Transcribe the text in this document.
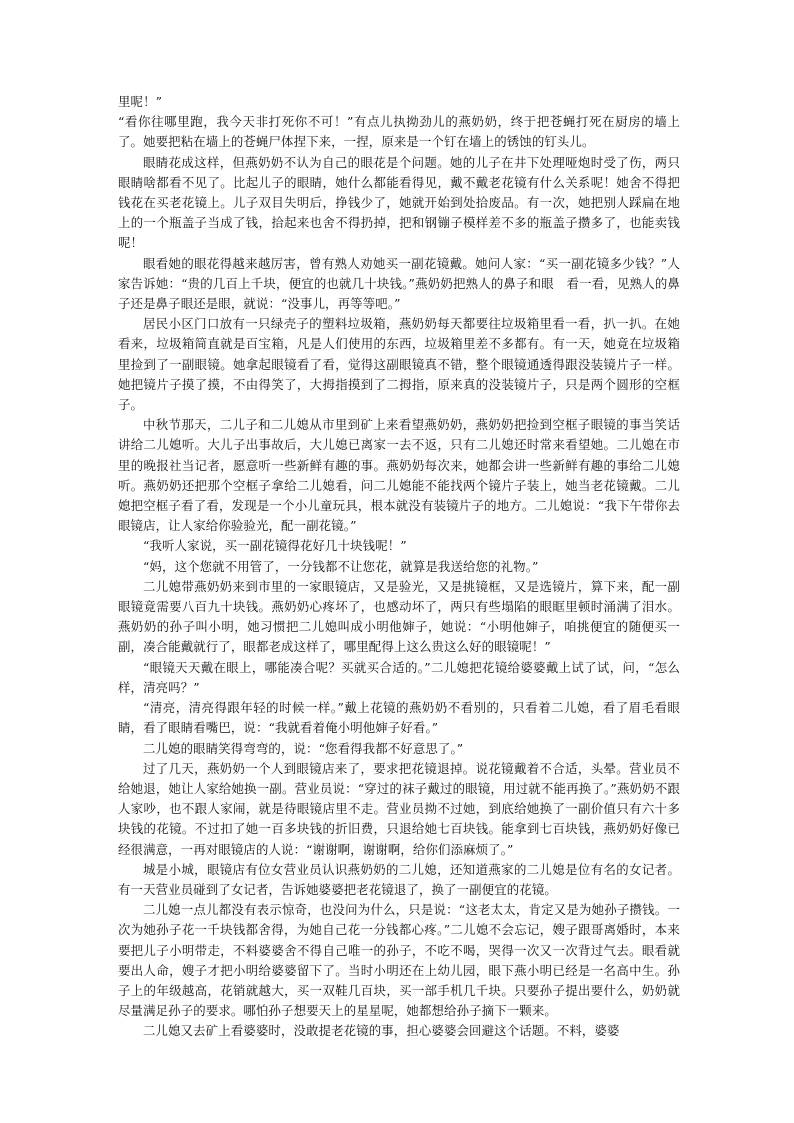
里呢！”

“看你往哪里跑，我今天非打死你不可！”有点儿执拗劲儿的燕奶奶，终于把苍蝇打死在厨房的墙上了。她要把粘在墙上的苍蝇尸体捏下来，一捏，原来是一个钉在墙上的锈蚀的钉头儿。

眼睛花成这样，但燕奶奶不认为自己的眼花是个问题。她的儿子在井下处理哑炮时受了伤，两只眼睛啥都看不见了。比起儿子的眼睛，她什么都能看得见，戴不戴老花镜有什么关系呢！她舍不得把钱花在买老花镜上。儿子双目失明后，挣钱少了，她就开始到处拾废品。有一次，她把别人踩扁在地上的一个瓶盖子当成了钱，拾起来也舍不得扔掉，把和钢镚子模样差不多的瓶盖子攒多了，也能卖钱呢！

眼看她的眼花得越来越厉害，曾有熟人劝她买一副花镜戴。她问人家：“买一副花镜多少钱？”人家告诉她：“贵的几百上千块，便宜的也就几十块钱。”燕奶奶把熟人的鼻子和眼　看一看，见熟人的鼻子还是鼻子眼还是眼，就说：“没事儿，再等等吧。”

居民小区门口放有一只绿壳子的塑料垃圾箱，燕奶奶每天都要往垃圾箱里看一看，扒一扒。在她看来，垃圾箱简直就是百宝箱，凡是人们使用的东西，垃圾箱里差不多都有。有一天，她竟在垃圾箱里捡到了一副眼镜。她拿起眼镜看了看，觉得这副眼镜真不错，整个眼镜通透得跟没装镜片子一样。她把镜片子摸了摸，不由得笑了，大拇指摸到了二拇指，原来真的没装镜片子，只是两个圆形的空框子。

中秋节那天，二儿子和二儿媳从市里到矿上来看望燕奶奶，燕奶奶把捡到空框子眼镜的事当笑话讲给二儿媳听。大儿子出事故后，大儿媳已离家一去不返，只有二儿媳还时常来看望她。二儿媳在市里的晚报社当记者，愿意听一些新鲜有趣的事。燕奶奶每次来，她都会讲一些新鲜有趣的事给二儿媳听。燕奶奶还把那个空框子拿给二儿媳看，问二儿媳能不能找两个镜片子装上，她当老花镜戴。二儿媳把空框子看了看，发现是一个小儿童玩具，根本就没有装镜片子的地方。二儿媳说：“我下午带你去眼镜店，让人家给你验验光，配一副花镜。”

“我听人家说，买一副花镜得花好几十块钱呢！”

“妈，这个您就不用管了，一分钱都不让您花，就算是我送给您的礼物。”

二儿媳带燕奶奶来到市里的一家眼镜店，又是验光，又是挑镜框，又是选镜片，算下来，配一副眼镜竟需要八百九十块钱。燕奶奶心疼坏了，也感动坏了，两只有些塌陷的眼眶里顿时涌满了泪水。燕奶奶的孙子叫小明，她习惯把二儿媳叫成小明他婶子，她说：“小明他婶子，咱挑便宜的随便买一副，凑合能戴就行了，眼都老成这样了，哪里配得上这么贵这么好的眼镜呢！”

“眼镜天天戴在眼上，哪能凑合呢？买就买合适的。”二儿媳把花镜给婆婆戴上试了试，问，“怎么样，清亮吗？”

“清亮，清亮得跟年轻的时候一样。”戴上花镜的燕奶奶不看别的，只看着二儿媳，看了眉毛看眼睛，看了眼睛看嘴巴，说：“我就看着俺小明他婶子好看。”

二儿媳的眼睛笑得弯弯的，说：“您看得我都不好意思了。”

过了几天，燕奶奶一个人到眼镜店来了，要求把花镜退掉。说花镜戴着不合适，头晕。营业员不给她退，她让人家给她换一副。营业员说：“穿过的袜子戴过的眼镜，用过就不能再换了。”燕奶奶不跟人家吵，也不跟人家闹，就是待眼镜店里不走。营业员拗不过她，到底给她换了一副价值只有六十多块钱的花镜。不过扣了她一百多块钱的折旧费，只退给她七百块钱。能拿到七百块钱，燕奶奶好像已经很满意，一再对眼镜店的人说：“谢谢啊，谢谢啊，给你们添麻烦了。”

城是小城，眼镜店有位女营业员认识燕奶奶的二儿媳，还知道燕家的二儿媳是位有名的女记者。有一天营业员碰到了女记者，告诉她婆婆把老花镜退了，换了一副便宜的花镜。

二儿媳一点儿都没有表示惊奇，也没问为什么，只是说：“这老太太，肯定又是为她孙子攒钱。一次为她孙子花一千块钱都舍得，为她自己花一分钱都心疼。”二儿媳不会忘记，嫂子跟哥离婚时，本来要把儿子小明带走，不料婆婆舍不得自己唯一的孙子，不吃不喝，哭得一次又一次背过气去。眼看就要出人命，嫂子才把小明给婆婆留下了。当时小明还在上幼儿园，眼下燕小明已经是一名高中生。孙子上的年级越高，花销就越大，买一双鞋几百块，买一部手机几千块。只要孙子提出要什么，奶奶就尽量满足孙子的要求。哪怕孙子想要天上的星星呢，她都想给孙子摘下一颗来。

二儿媳又去矿上看婆婆时，没敢提老花镜的事，担心婆婆会回避这个话题。不料，婆婆
